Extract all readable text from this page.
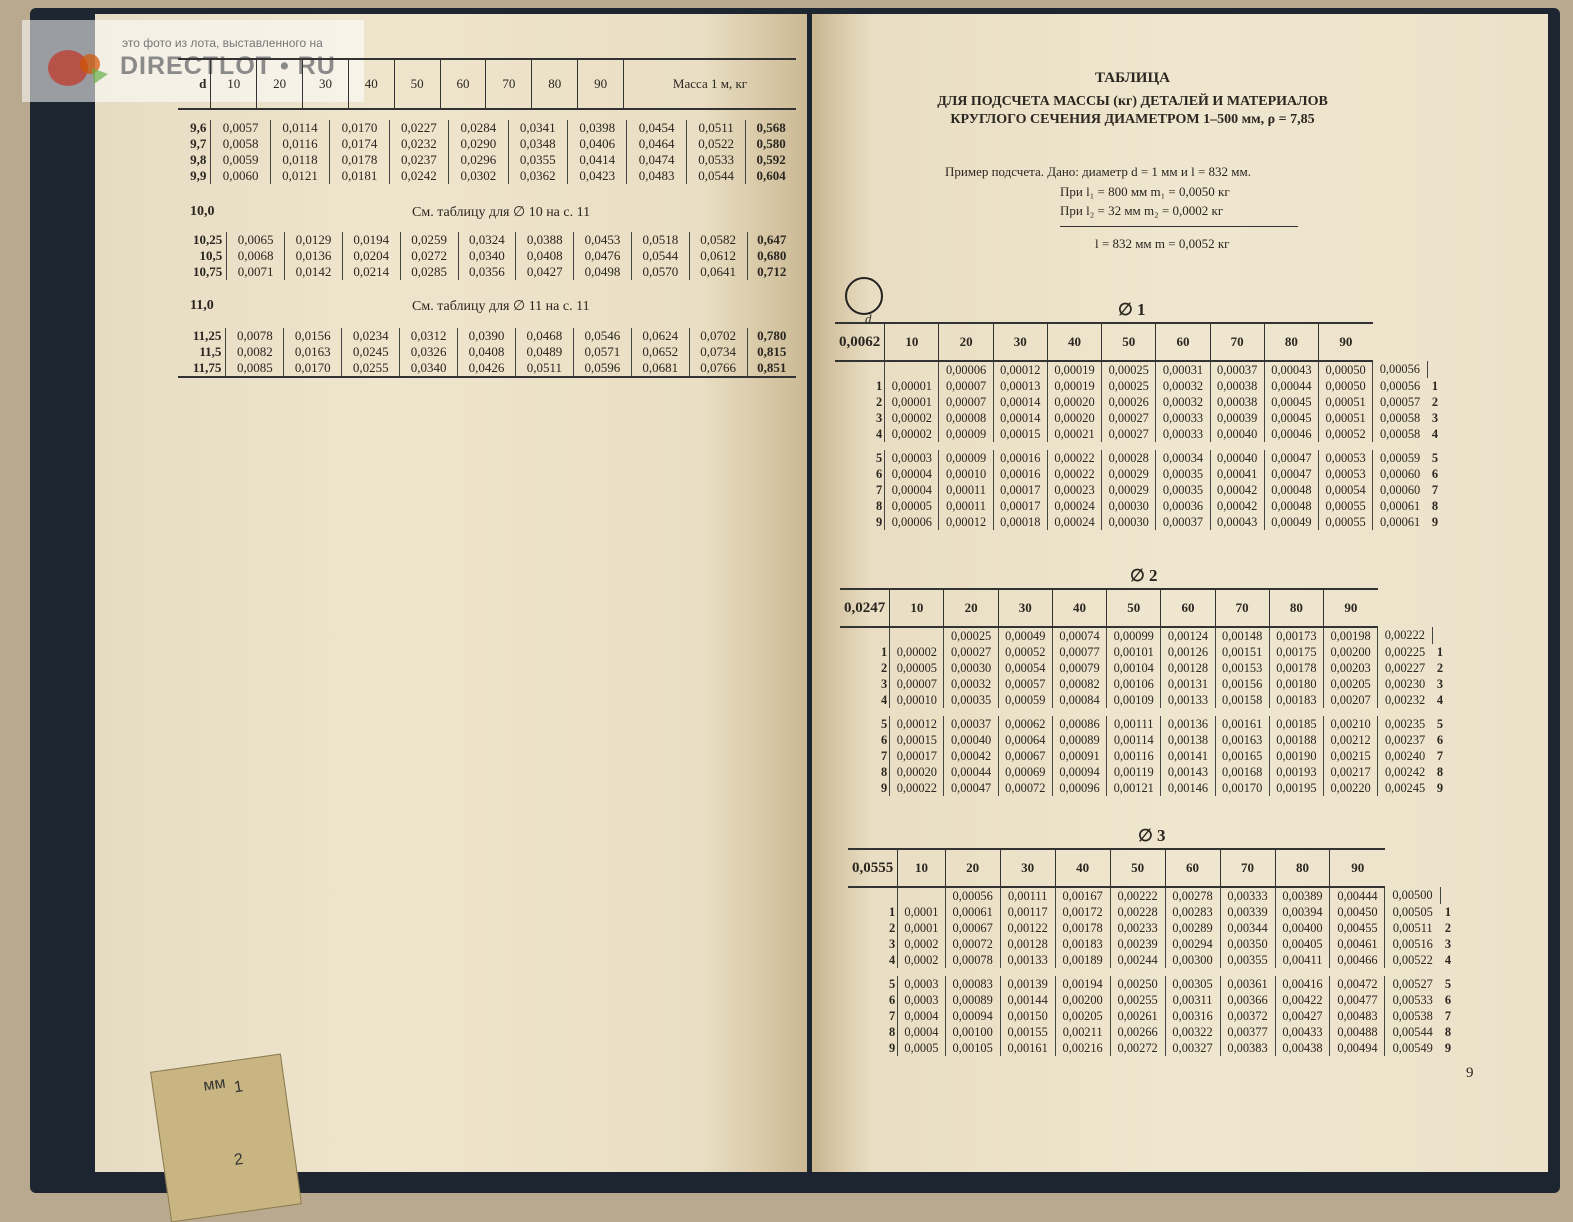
это фото из лота, выставленного на
DIRECTLOT • RU
d	10	20	30	40	50	60	70	80	90	Масса 1 м, кг
9,6	0,0057	0,0114	0,0170	0,0227	0,0284	0,0341	0,0398	0,0454	0,0511	0,568
9,7	0,0058	0,0116	0,0174	0,0232	0,0290	0,0348	0,0406	0,0464	0,0522	0,580
9,8	0,0059	0,0118	0,0178	0,0237	0,0296	0,0355	0,0414	0,0474	0,0533	0,592
9,9	0,0060	0,0121	0,0181	0,0242	0,0302	0,0362	0,0423	0,0483	0,0544	0,604
10,0	См. таблицу для ∅ 10 на с. 11
10,25	0,0065	0,0129	0,0194	0,0259	0,0324	0,0388	0,0453	0,0518	0,0582	0,647
10,5	0,0068	0,0136	0,0204	0,0272	0,0340	0,0408	0,0476	0,0544	0,0612	0,680
10,75	0,0071	0,0142	0,0214	0,0285	0,0356	0,0427	0,0498	0,0570	0,0641	0,712
11,0	См. таблицу для ∅ 11 на с. 11
11,25	0,0078	0,0156	0,0234	0,0312	0,0390	0,0468	0,0546	0,0624	0,0702	0,780
11,5	0,0082	0,0163	0,0245	0,0326	0,0408	0,0489	0,0571	0,0652	0,0734	0,815
11,75	0,0085	0,0170	0,0255	0,0340	0,0426	0,0511	0,0596	0,0681	0,0766	0,851
ТАБЛИЦА
ДЛЯ ПОДСЧЕТА МАССЫ (кг) ДЕТАЛЕЙ И МАТЕРИАЛОВ
КРУГЛОГО СЕЧЕНИЯ ДИАМЕТРОМ 1–500 мм, ρ = 7,85
Пример подсчета. Дано: диаметр d = 1 мм и l = 832 мм.
При l₁ = 800 мм m₁ = 0,0050 кг
При l₂ = 32 мм m₂ = 0,0002 кг
l = 832 мм m = 0,0052 кг
d	∅ 1
0,0062	10	20	30	40	50	60	70	80	90		
		0,00006	0,00012	0,00019	0,00025	0,00031	0,00037	0,00043	0,00050	0,00056	
1	0,00001	0,00007	0,00013	0,00019	0,00025	0,00032	0,00038	0,00044	0,00050	0,00056	1
2	0,00001	0,00007	0,00014	0,00020	0,00026	0,00032	0,00038	0,00045	0,00051	0,00057	2
3	0,00002	0,00008	0,00014	0,00020	0,00027	0,00033	0,00039	0,00045	0,00051	0,00058	3
4	0,00002	0,00009	0,00015	0,00021	0,00027	0,00033	0,00040	0,00046	0,00052	0,00058	4

5	0,00003	0,00009	0,00016	0,00022	0,00028	0,00034	0,00040	0,00047	0,00053	0,00059	5
6	0,00004	0,00010	0,00016	0,00022	0,00029	0,00035	0,00041	0,00047	0,00053	0,00060	6
7	0,00004	0,00011	0,00017	0,00023	0,00029	0,00035	0,00042	0,00048	0,00054	0,00060	7
8	0,00005	0,00011	0,00017	0,00024	0,00030	0,00036	0,00042	0,00048	0,00055	0,00061	8
9	0,00006	0,00012	0,00018	0,00024	0,00030	0,00037	0,00043	0,00049	0,00055	0,00061	9
∅ 2
0,0247	10	20	30	40	50	60	70	80	90		
		0,00025	0,00049	0,00074	0,00099	0,00124	0,00148	0,00173	0,00198	0,00222	
1	0,00002	0,00027	0,00052	0,00077	0,00101	0,00126	0,00151	0,00175	0,00200	0,00225	1
2	0,00005	0,00030	0,00054	0,00079	0,00104	0,00128	0,00153	0,00178	0,00203	0,00227	2
3	0,00007	0,00032	0,00057	0,00082	0,00106	0,00131	0,00156	0,00180	0,00205	0,00230	3
4	0,00010	0,00035	0,00059	0,00084	0,00109	0,00133	0,00158	0,00183	0,00207	0,00232	4

5	0,00012	0,00037	0,00062	0,00086	0,00111	0,00136	0,00161	0,00185	0,00210	0,00235	5
6	0,00015	0,00040	0,00064	0,00089	0,00114	0,00138	0,00163	0,00188	0,00212	0,00237	6
7	0,00017	0,00042	0,00067	0,00091	0,00116	0,00141	0,00165	0,00190	0,00215	0,00240	7
8	0,00020	0,00044	0,00069	0,00094	0,00119	0,00143	0,00168	0,00193	0,00217	0,00242	8
9	0,00022	0,00047	0,00072	0,00096	0,00121	0,00146	0,00170	0,00195	0,00220	0,00245	9
∅ 3
0,0555	10	20	30	40	50	60	70	80	90		
		0,00056	0,00111	0,00167	0,00222	0,00278	0,00333	0,00389	0,00444	0,00500	
1	0,0001	0,00061	0,00117	0,00172	0,00228	0,00283	0,00339	0,00394	0,00450	0,00505	1
2	0,0001	0,00067	0,00122	0,00178	0,00233	0,00289	0,00344	0,00400	0,00455	0,00511	2
3	0,0002	0,00072	0,00128	0,00183	0,00239	0,00294	0,00350	0,00405	0,00461	0,00516	3
4	0,0002	0,00078	0,00133	0,00189	0,00244	0,00300	0,00355	0,00411	0,00466	0,00522	4

5	0,0003	0,00083	0,00139	0,00194	0,00250	0,00305	0,00361	0,00416	0,00472	0,00527	5
6	0,0003	0,00089	0,00144	0,00200	0,00255	0,00311	0,00366	0,00422	0,00477	0,00533	6
7	0,0004	0,00094	0,00150	0,00205	0,00261	0,00316	0,00372	0,00427	0,00483	0,00538	7
8	0,0004	0,00100	0,00155	0,00211	0,00266	0,00322	0,00377	0,00433	0,00488	0,00544	8
9	0,0005	0,00105	0,00161	0,00216	0,00272	0,00327	0,00383	0,00438	0,00494	0,00549	9
9
мм 1
2
